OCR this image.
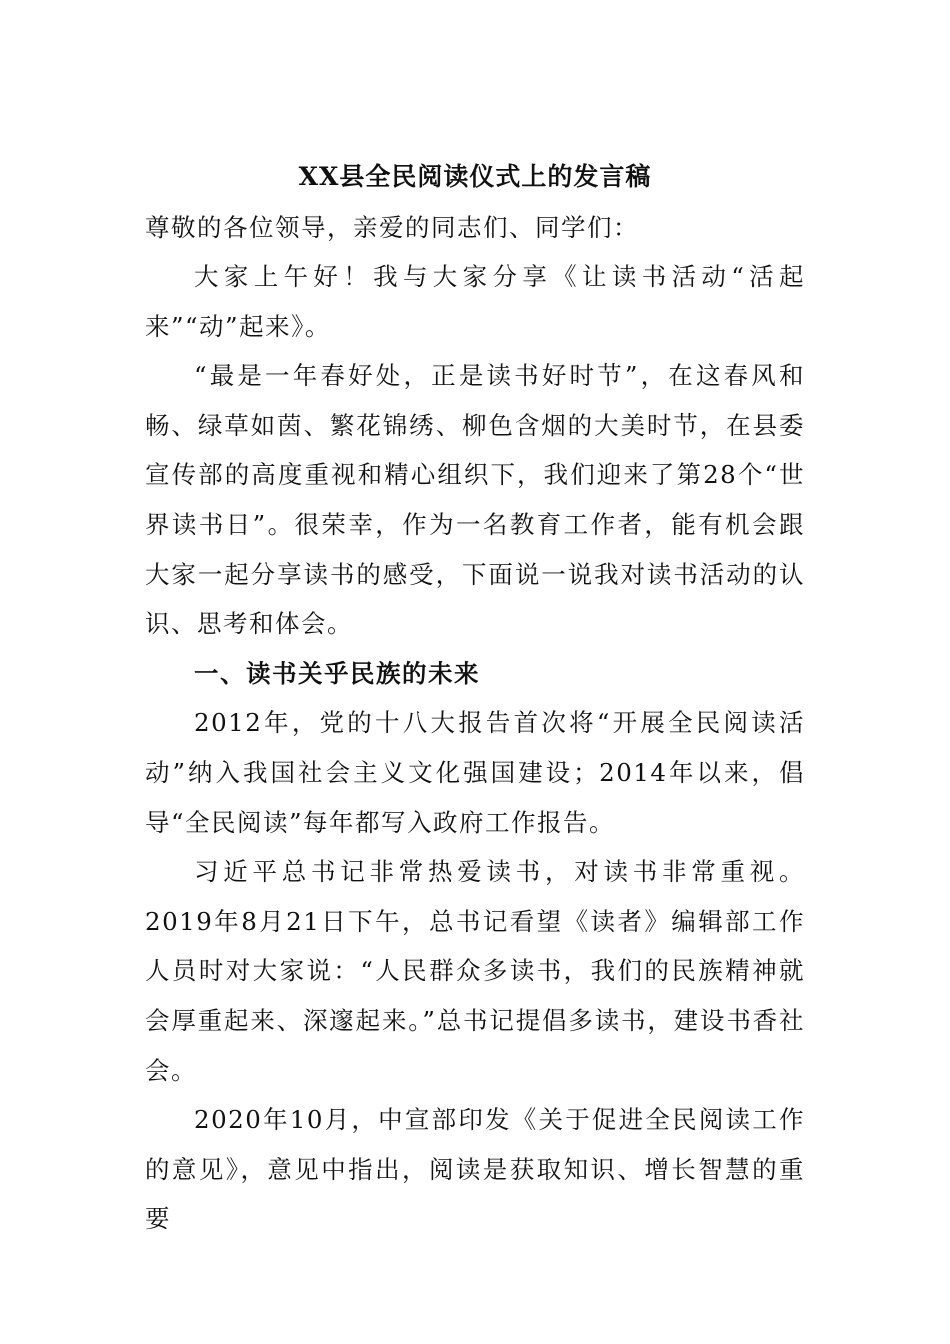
XX县全民阅读仪式上的发言稿
尊敬的各位领导，亲爱的同志们、同学们：

大家上午好！我与大家分享《让读书活动“活起来”“动”起来》。

“最是一年春好处，正是读书好时节”，在这春风和畅、绿草如茵、繁花锦绣、柳色含烟的大美时节，在县委宣传部的高度重视和精心组织下，我们迎来了第28个“世界读书日”。很荣幸，作为一名教育工作者，能有机会跟大家一起分享读书的感受，下面说一说我对读书活动的认识、思考和体会。

一、读书关乎民族的未来

2012年，党的十八大报告首次将“开展全民阅读活动”纳入我国社会主义文化强国建设；2014年以来，倡导“全民阅读”每年都写入政府工作报告。

习近平总书记非常热爱读书，对读书非常重视。2019年8月21日下午，总书记看望《读者》编辑部工作人员时对大家说：“人民群众多读书，我们的民族精神就会厚重起来、深邃起来。”总书记提倡多读书，建设书香社会。

2020年10月，中宣部印发《关于促进全民阅读工作的意见》，意见中指出，阅读是获取知识、增长智慧的重要
